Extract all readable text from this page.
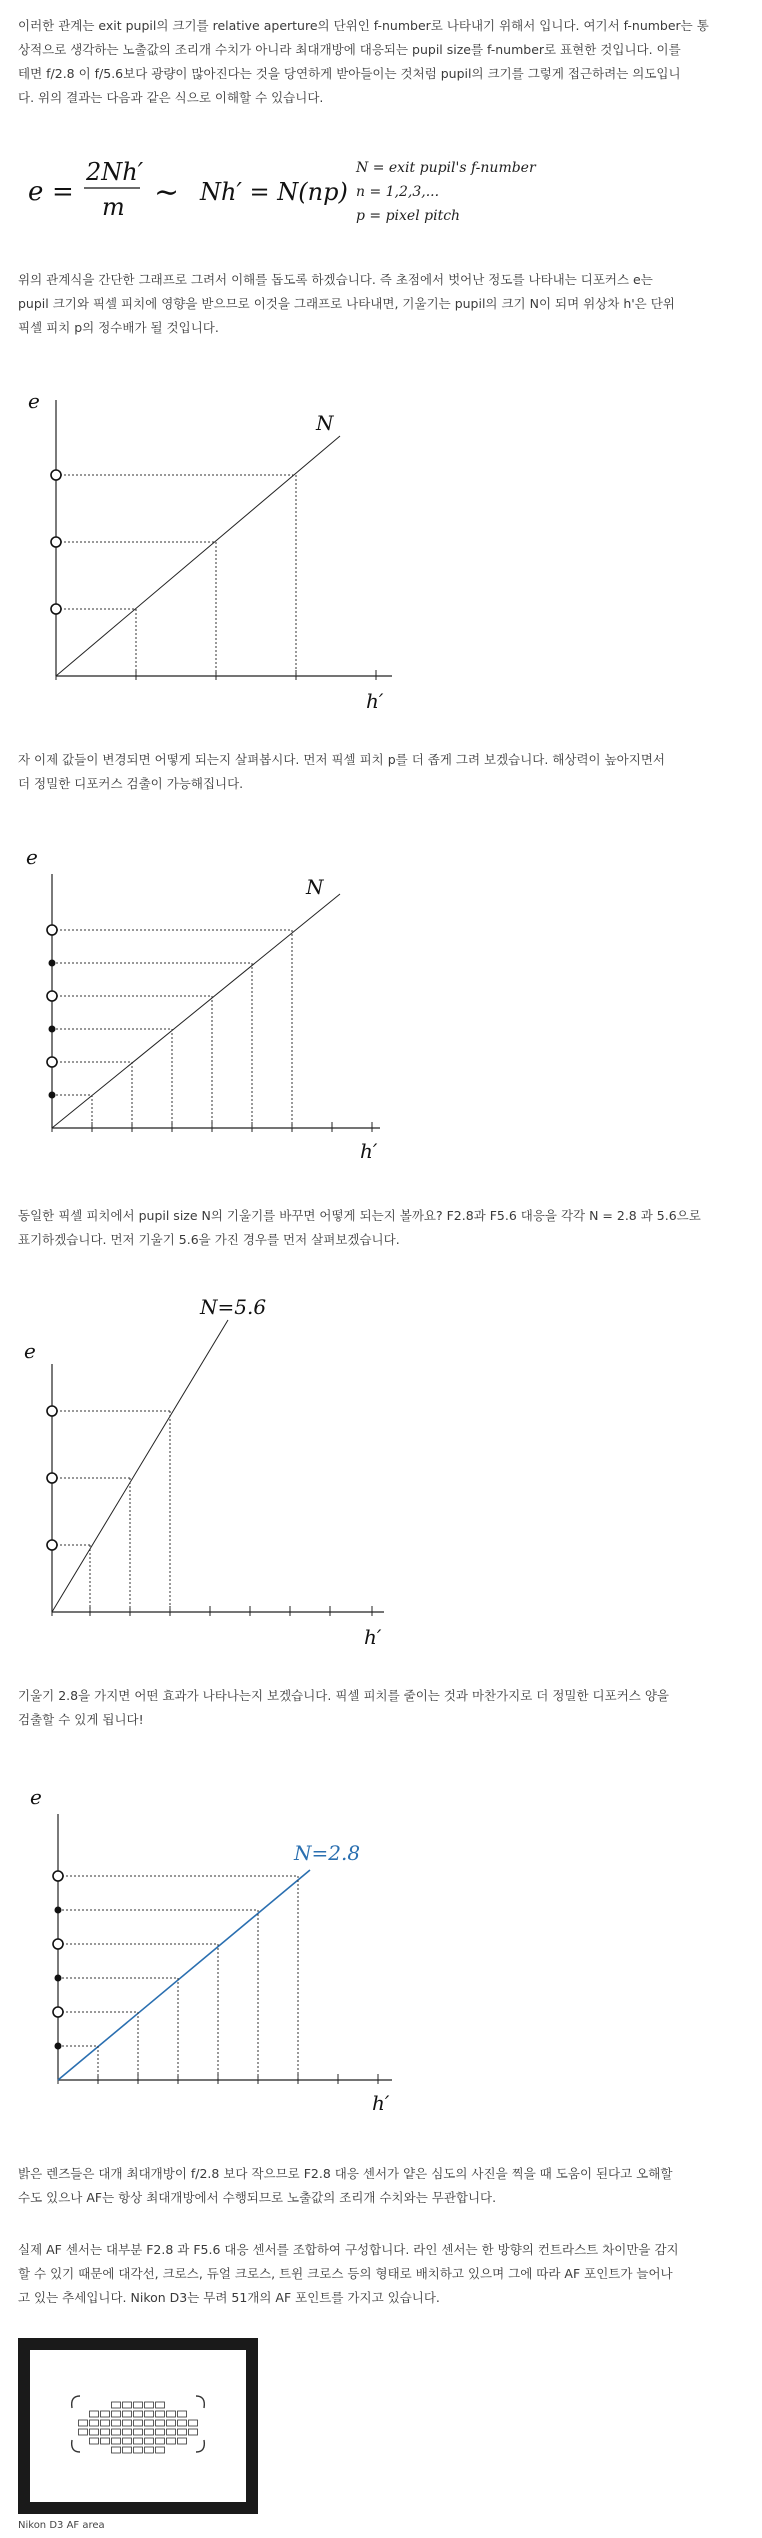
이러한 관계는 exit pupil의 크기를 relative aperture의 단위인 f-number로 나타내기 위해서 입니다. 여기서 f-number는 통
상적으로 생각하는 노출값의 조리개 수치가 아니라 최대개방에 대응되는 pupil size를 f-number로 표현한 것입니다. 이를
테면 f/2.8 이 f/5.6보다 광량이 많아진다는 것을 당연하게 받아들이는 것처럼 pupil의 크기를 그렇게 접근하려는 의도입니
다. 위의 결과는 다음과 같은 식으로 이해할 수 있습니다.
e =
2Nh′
m ∼ Nh′ = N(np)
N = exit pupil's f-number
n = 1,2,3,...
p = pixel pitch
위의 관계식을 간단한 그래프로 그려서 이해를 돕도록 하겠습니다. 즉 초점에서 벗어난 정도를 나타내는 디포커스 e는
pupil 크기와 픽셀 피치에 영향을 받으므로 이것을 그래프로 나타내면, 기울기는 pupil의 크기 N이 되며 위상차 h'은 단위
픽셀 피치 p의 정수배가 될 것입니다.
e
N
h′
자 이제 값들이 변경되면 어떻게 되는지 살펴봅시다. 먼저 픽셀 피치 p를 더 좁게 그려 보겠습니다. 해상력이 높아지면서
더 정밀한 디포커스 검출이 가능해집니다.
e
N
h′
동일한 픽셀 피치에서 pupil size N의 기울기를 바꾸면 어떻게 되는지 볼까요? F2.8과 F5.6 대응을 각각 N = 2.8 과 5.6으로
표기하겠습니다. 먼저 기울기 5.6을 가진 경우를 먼저 살펴보겠습니다.
N=5.6
e
h′
기울기 2.8을 가지면 어떤 효과가 나타나는지 보겠습니다. 픽셀 피치를 줄이는 것과 마찬가지로 더 정밀한 디포커스 양을
검출할 수 있게 됩니다!
e
N=2.8
h′
밝은 렌즈들은 대개 최대개방이 f/2.8 보다 작으므로 F2.8 대응 센서가 얕은 심도의 사진을 찍을 때 도움이 된다고 오해할
수도 있으나 AF는 항상 최대개방에서 수행되므로 노출값의 조리개 수치와는 무관합니다.
실제 AF 센서는 대부분 F2.8 과 F5.6 대응 센서를 조합하여 구성합니다. 라인 센서는 한 방향의 컨트라스트 차이만을 감지
할 수 있기 때문에 대각선, 크로스, 듀얼 크로스, 트윈 크로스 등의 형태로 배치하고 있으며 그에 따라 AF 포인트가 늘어나
고 있는 추세입니다. Nikon D3는 무려 51개의 AF 포인트를 가지고 있습니다.
Nikon D3 AF area
